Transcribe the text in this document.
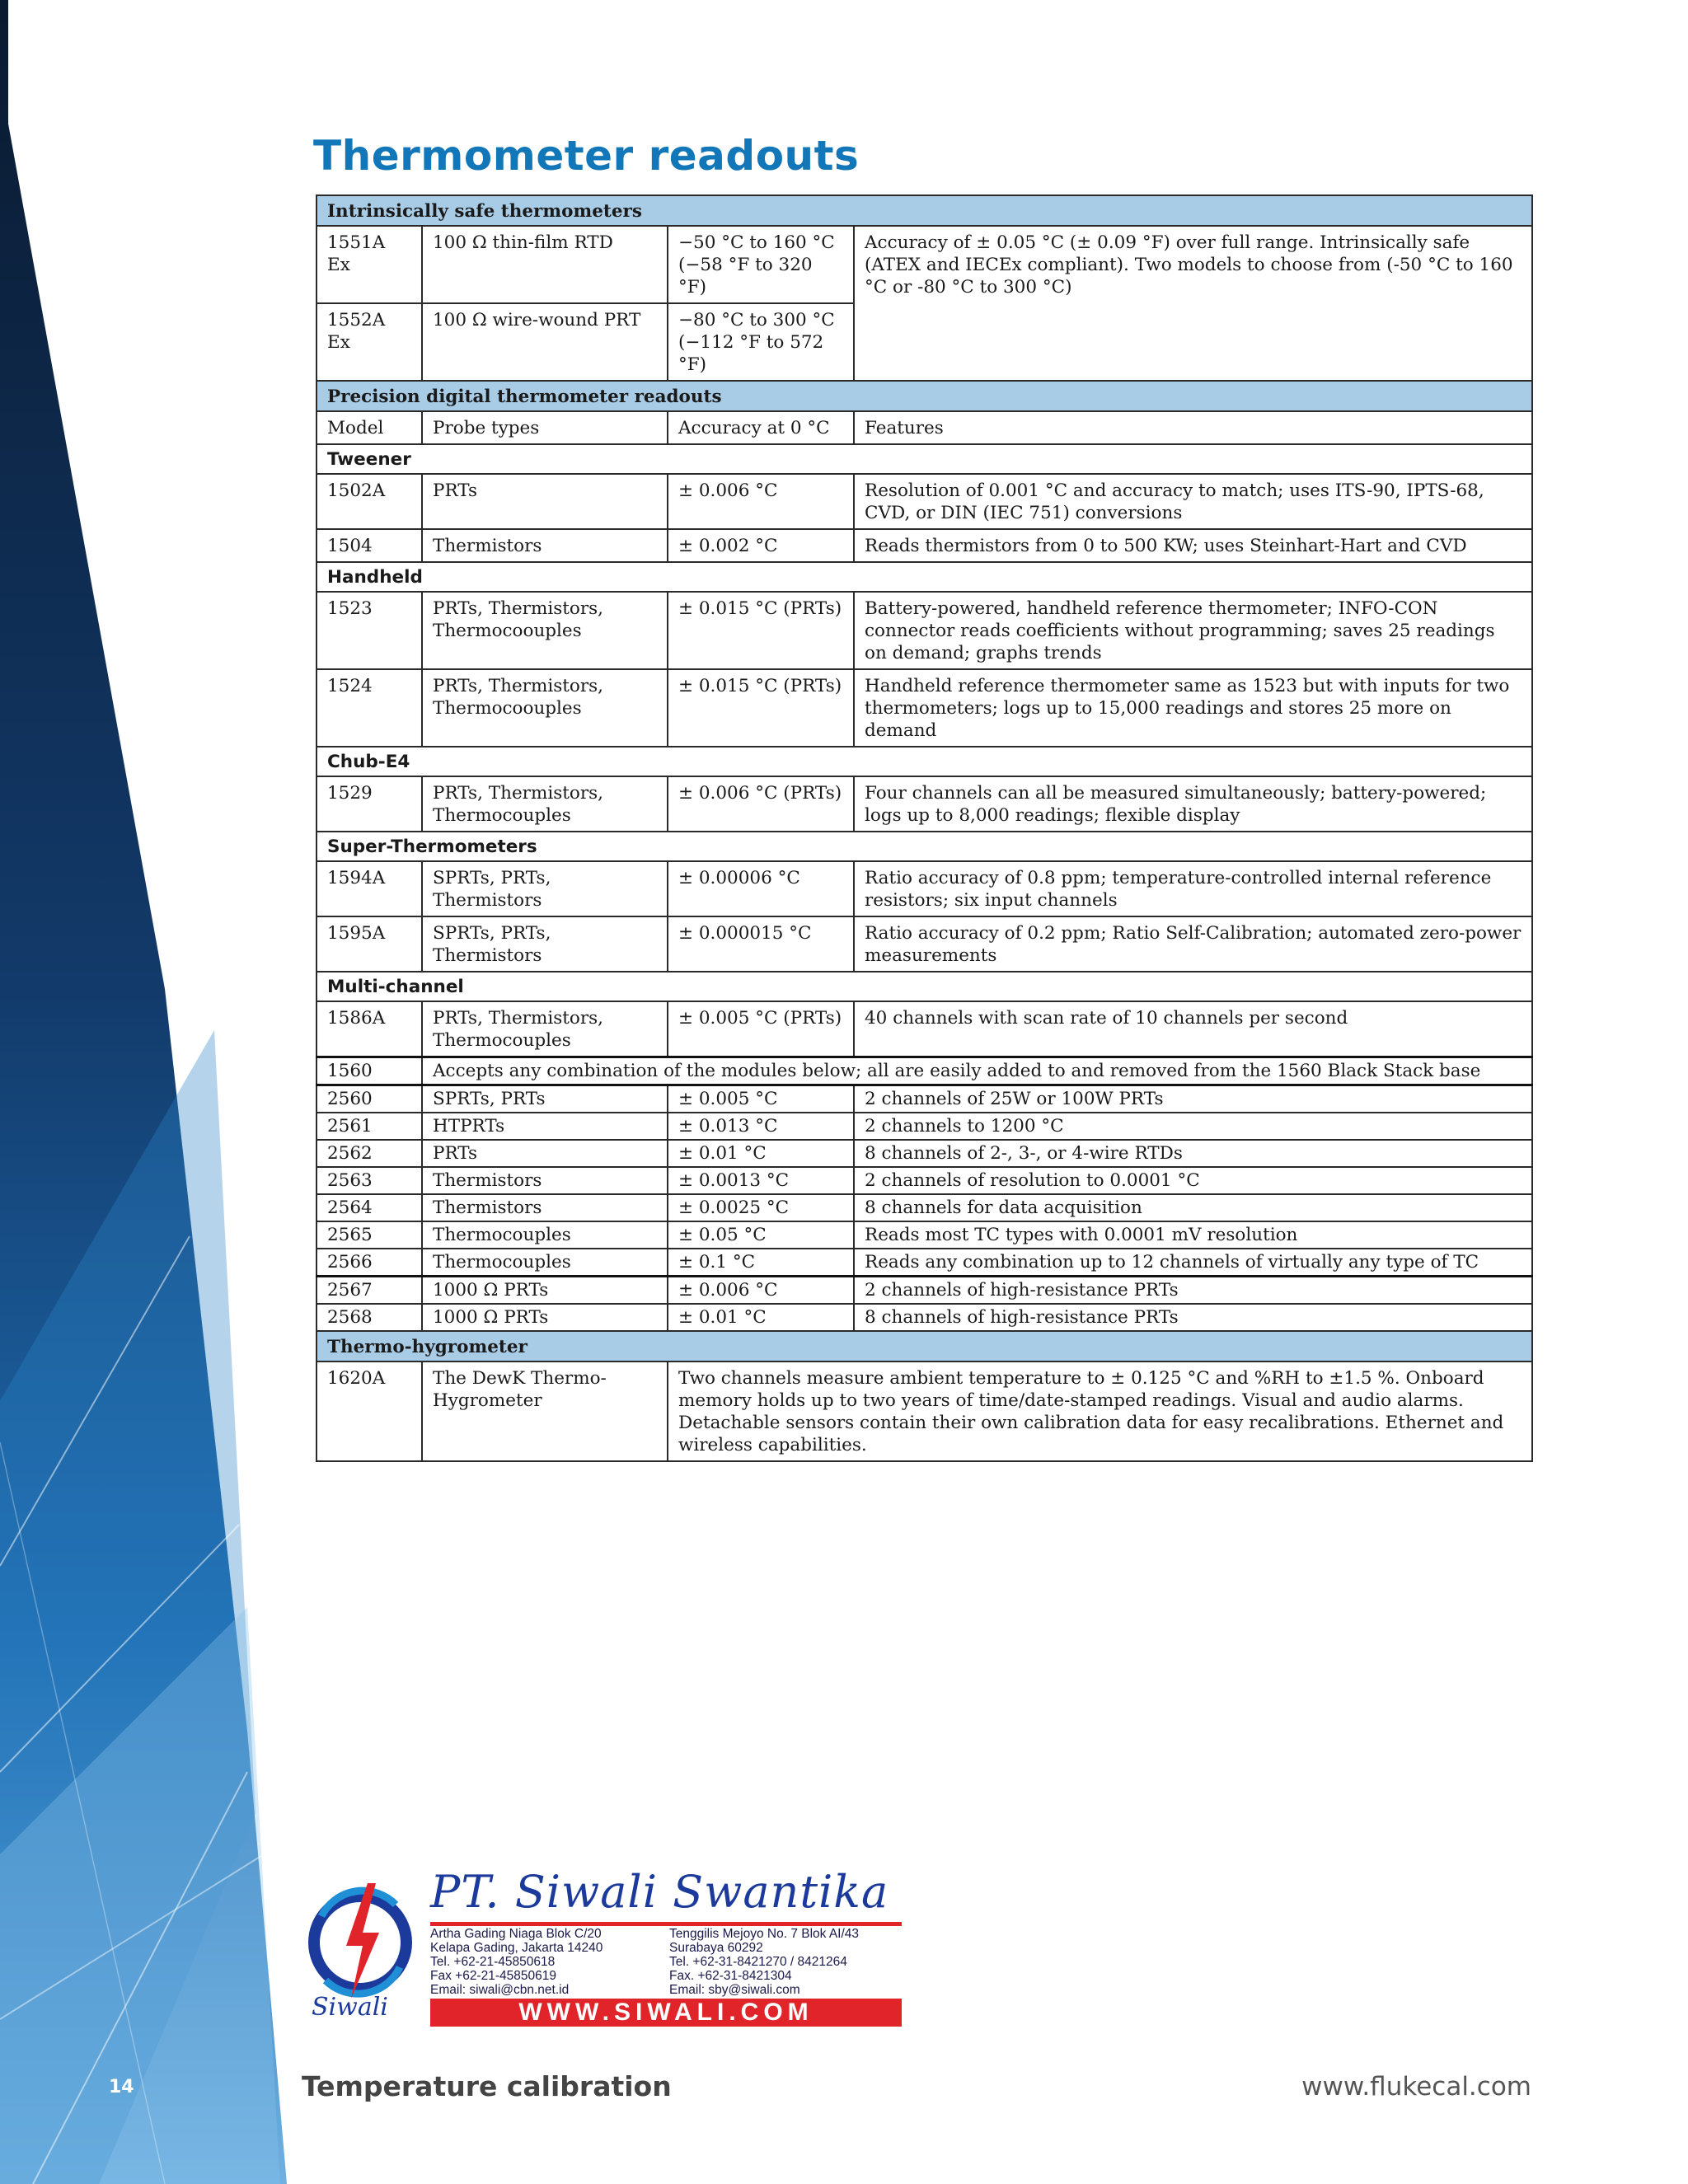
Thermometer readouts
Intrinsically safe thermometers			
1551A Ex	100 Ω thin-film RTD	−50 °C to 160 °C (−58 °F to 320 °F)	Accuracy of ± 0.05 °C (± 0.09 °F) over full range. Intrinsically safe (ATEX and IECEx compliant). Two models to choose from (-50 °C to 160 °C or -80 °C to 300 °C)
1552A Ex	100 Ω wire-wound PRT	−80 °C to 300 °C (−112 °F to 572 °F)	
Precision digital thermometer readouts			
Model	Probe types	Accuracy at 0 °C	Features
Tweener			
1502A	PRTs	± 0.006 °C	Resolution of 0.001 °C and accuracy to match; uses ITS-90, IPTS-68, CVD, or DIN (IEC 751) conversions
1504	Thermistors	± 0.002 °C	Reads thermistors from 0 to 500 KW; uses Steinhart-Hart and CVD
Handheld			
1523	PRTs, Thermistors, Thermocoouples	± 0.015 °C (PRTs)	Battery-powered, handheld reference thermometer; INFO-CON connector reads coefficients without programming; saves 25 readings on demand; graphs trends
1524	PRTs, Thermistors, Thermocoouples	± 0.015 °C (PRTs)	Handheld reference thermometer same as 1523 but with inputs for two thermometers; logs up to 15,000 readings and stores 25 more on demand
Chub-E4			
1529	PRTs, Thermistors, Thermocouples	± 0.006 °C (PRTs)	Four channels can all be measured simultaneously; battery-powered; logs up to 8,000 readings; flexible display
Super-Thermometers			
1594A	SPRTs, PRTs, Thermistors	± 0.00006 °C	Ratio accuracy of 0.8 ppm; temperature-controlled internal reference resistors; six input channels
1595A	SPRTs, PRTs, Thermistors	± 0.000015 °C	Ratio accuracy of 0.2 ppm; Ratio Self-Calibration; automated zero-power measurements
Multi-channel			
1586A	PRTs, Thermistors, Thermocouples	± 0.005 °C (PRTs)	40 channels with scan rate of 10 channels per second
1560	Accepts any combination of the modules below; all are easily added to and removed from the 1560 Black Stack base		
2560	SPRTs, PRTs	± 0.005 °C	2 channels of 25W or 100W PRTs
2561	HTPRTs	± 0.013 °C	2 channels to 1200 °C
2562	PRTs	± 0.01 °C	8 channels of 2-, 3-, or 4-wire RTDs
2563	Thermistors	± 0.0013 °C	2 channels of resolution to 0.0001 °C
2564	Thermistors	± 0.0025 °C	8 channels for data acquisition
2565	Thermocouples	± 0.05 °C	Reads most TC types with 0.0001 mV resolution
2566	Thermocouples	± 0.1 °C	Reads any combination up to 12 channels of virtually any type of TC
2567	1000 Ω PRTs	± 0.006 °C	2 channels of high-resistance PRTs
2568	1000 Ω PRTs	± 0.01 °C	8 channels of high-resistance PRTs
Thermo-hygrometer			
1620A	The DewK Thermo-Hygrometer	Two channels measure ambient temperature to ± 0.125 °C and %RH to ±1.5 %. Onboard memory holds up to two years of time/date-stamped readings. Visual and audio alarms. Detachable sensors contain their own calibration data for easy recalibrations. Ethernet and wireless capabilities.	
Siwali
PT. Siwali Swantika
Artha Gading Niaga Blok C/20
Kelapa Gading, Jakarta 14240
Tel. +62-21-45850618
Fax +62-21-45850619
Email: siwali@cbn.net.id
Tenggilis Mejoyo No. 7 Blok AI/43
Surabaya 60292
Tel. +62-31-8421270 / 8421264
Fax. +62-31-8421304
Email: sby@siwali.com
WWW.SIWALI.COM
14	Temperature calibration	www.flukecal.com
